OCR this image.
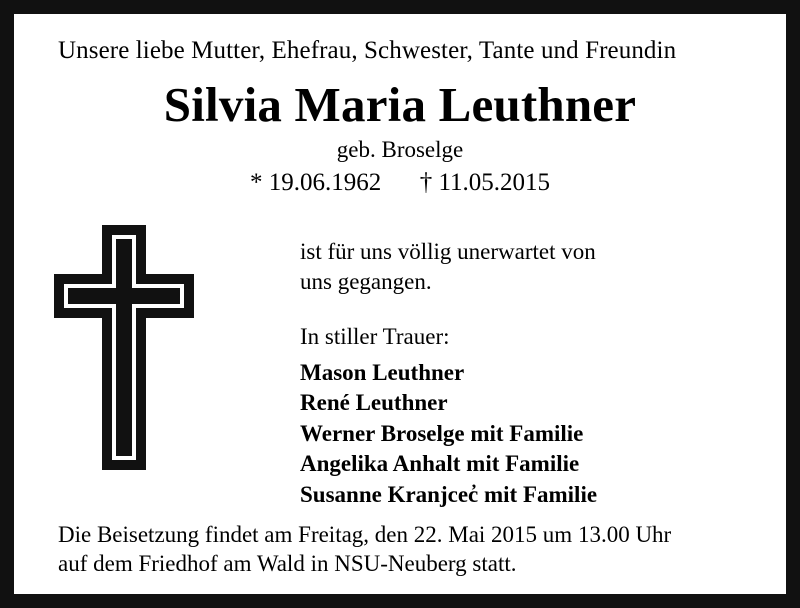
Unsere liebe Mutter, Ehefrau, Schwester, Tante und Freundin

Silvia Maria Leuthner
geb. Broselge
* 19.06.1962 † 11.05.2015

ist für uns völlig unerwartet von
uns gegangen.

In stiller Trauer:
Mason Leuthner
René Leuthner
Werner Broselge mit Familie
Angelika Anhalt mit Familie
Susanne Kranjcec̓ mit Familie
Die Beisetzung findet am Freitag, den 22. Mai 2015 um 13.00 Uhr
auf dem Friedhof am Wald in NSU-Neuberg statt.
